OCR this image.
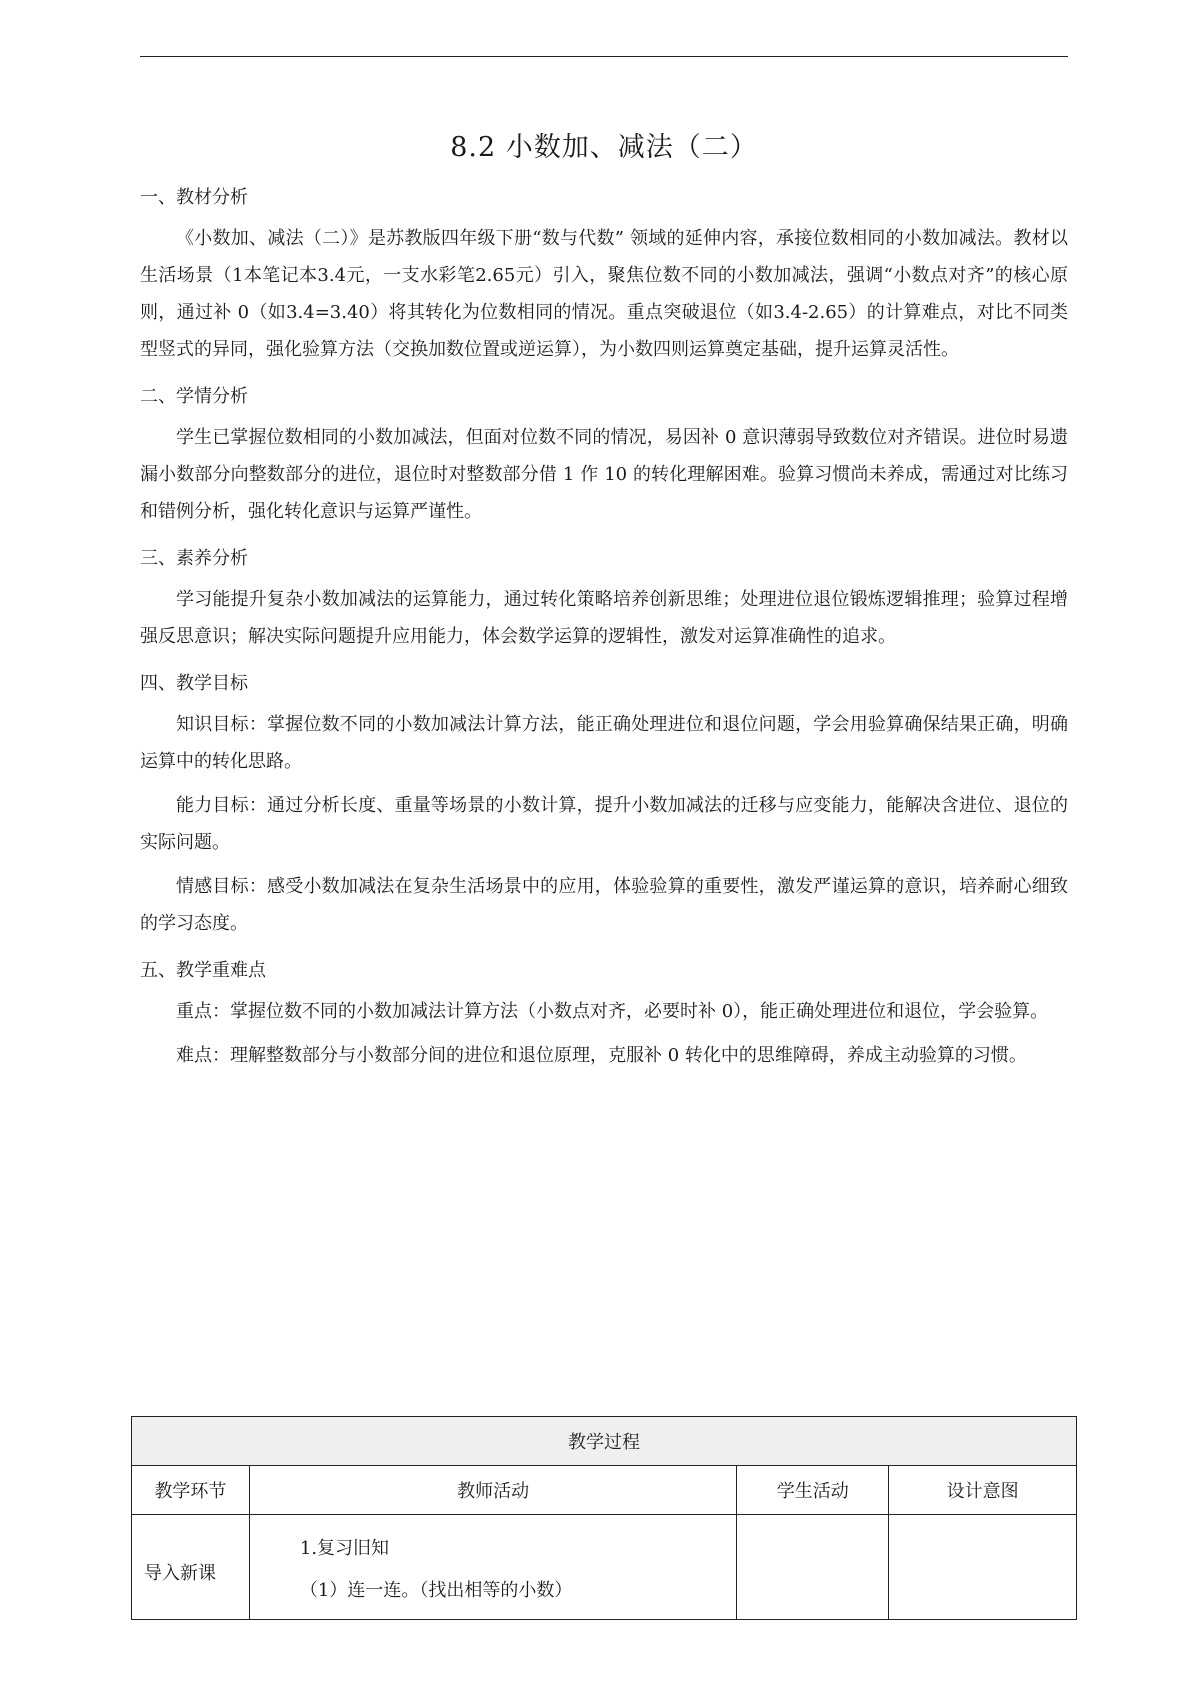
8.2 小数加、减法（二）

一、教材分析

《小数加、减法（二）》是苏教版四年级下册“数与代数” 领域的延伸内容，承接位数相同的小数加减法。教材以生活场景（1本笔记本3.4元，一支水彩笔2.65元）引入，聚焦位数不同的小数加减法，强调“小数点对齐”的核心原则，通过补 0（如3.4=3.40）将其转化为位数相同的情况。重点突破退位（如3.4-2.65）的计算难点，对比不同类型竖式的异同，强化验算方法（交换加数位置或逆运算），为小数四则运算奠定基础，提升运算灵活性。

二、学情分析

学生已掌握位数相同的小数加减法，但面对位数不同的情况，易因补 0 意识薄弱导致数位对齐错误。进位时易遗漏小数部分向整数部分的进位，退位时对整数部分借 1 作 10 的转化理解困难。验算习惯尚未养成，需通过对比练习和错例分析，强化转化意识与运算严谨性。

三、素养分析

学习能提升复杂小数加减法的运算能力，通过转化策略培养创新思维；处理进位退位锻炼逻辑推理；验算过程增强反思意识；解决实际问题提升应用能力，体会数学运算的逻辑性，激发对运算准确性的追求。

四、教学目标

知识目标：掌握位数不同的小数加减法计算方法，能正确处理进位和退位问题，学会用验算确保结果正确，明确运算中的转化思路。

能力目标：通过分析长度、重量等场景的小数计算，提升小数加减法的迁移与应变能力，能解决含进位、退位的实际问题。

情感目标：感受小数加减法在复杂生活场景中的应用，体验验算的重要性，激发严谨运算的意识，培养耐心细致的学习态度。

五、教学重难点

重点：掌握位数不同的小数加减法计算方法（小数点对齐，必要时补 0），能正确处理进位和退位，学会验算。

难点：理解整数部分与小数部分间的进位和退位原理，克服补 0 转化中的思维障碍，养成主动验算的习惯。

教学过程			
教学环节	教师活动	学生活动	设计意图
导入新课	1.复习旧知
（1）连一连。（找出相等的小数）		
